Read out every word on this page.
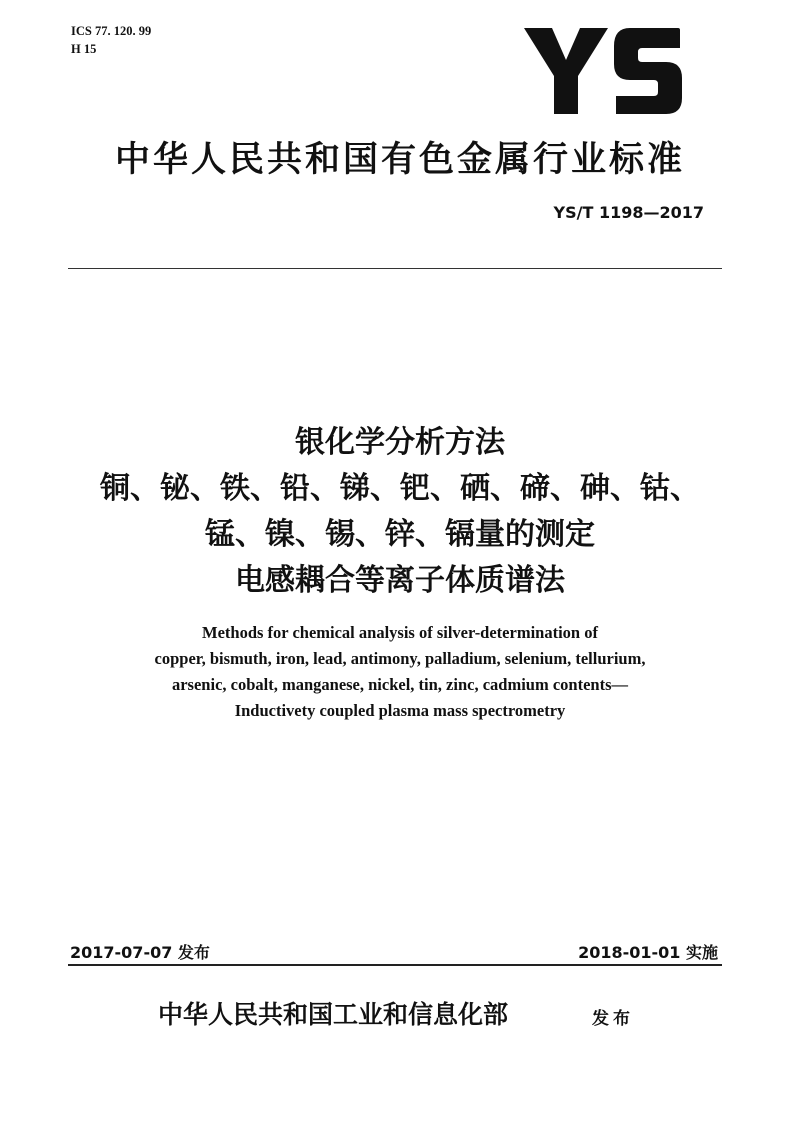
ICS 77. 120. 99
H 15
中华人民共和国有色金属行业标准
YS/T 1198—2017
银化学分析方法
铜、铋、铁、铅、锑、钯、硒、碲、砷、钴、
锰、镍、锡、锌、镉量的测定
电感耦合等离子体质谱法
Methods for chemical analysis of silver-determination of
copper, bismuth, iron, lead, antimony, palladium, selenium, tellurium,
arsenic, cobalt, manganese, nickel, tin, zinc, cadmium contents—
Inductivety coupled plasma mass spectrometry
2017-07-07 发布	2018-01-01 实施
中华人民共和国工业和信息化部	发布
